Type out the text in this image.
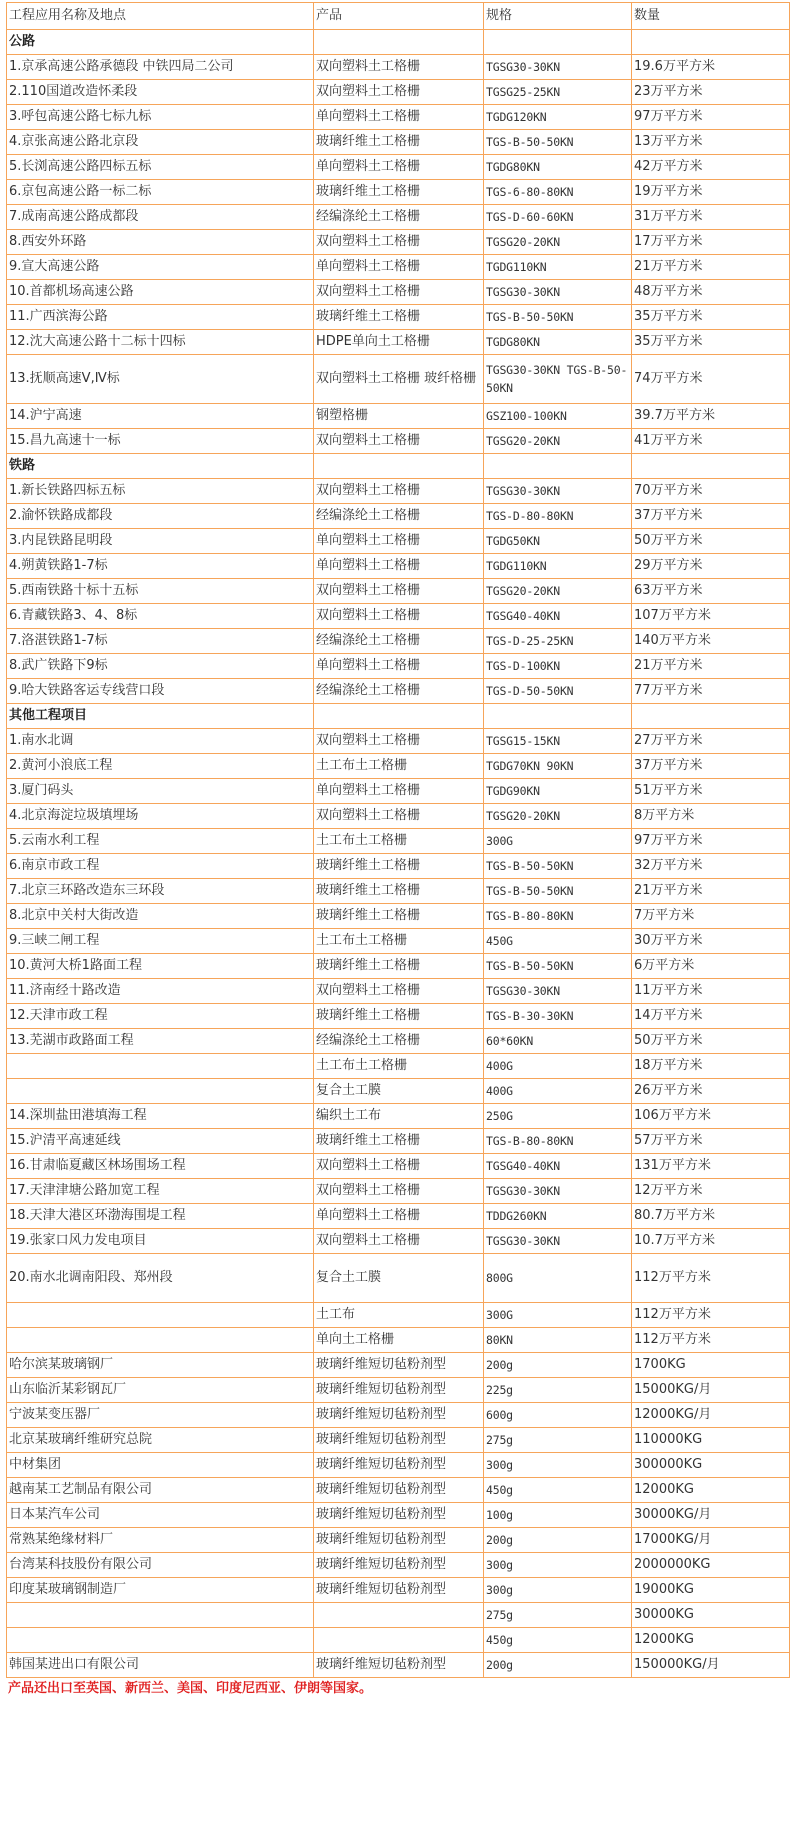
工程应用名称及地点	产品	规格	数量
公路			
1.京承高速公路承德段 中铁四局二公司	双向塑料土工格栅	TGSG30-30KN	19.6万平方米
2.110国道改造怀柔段	双向塑料土工格栅	TGSG25-25KN	23万平方米
3.呼包高速公路七标九标	单向塑料土工格栅	TGDG120KN	97万平方米
4.京张高速公路北京段	玻璃纤维土工格栅	TGS-B-50-50KN	13万平方米
5.长浏高速公路四标五标	单向塑料土工格栅	TGDG80KN	42万平方米
6.京包高速公路一标二标	玻璃纤维土工格栅	TGS-6-80-80KN	19万平方米
7.成南高速公路成都段	经编涤纶土工格栅	TGS-D-60-60KN	31万平方米
8.西安外环路	双向塑料土工格栅	TGSG20-20KN	17万平方米
9.宣大高速公路	单向塑料土工格栅	TGDG110KN	21万平方米
10.首都机场高速公路	双向塑料土工格栅	TGSG30-30KN	48万平方米
11.广西滨海公路	玻璃纤维土工格栅	TGS-B-50-50KN	35万平方米
12.沈大高速公路十二标十四标	HDPE单向土工格栅	TGDG80KN	35万平方米
13.抚顺高速Ⅴ,Ⅳ标	双向塑料土工格栅 玻纤格栅	TGSG30-30KN TGS-B-50-50KN	74万平方米
14.沪宁高速	钢塑格栅	GSZ100-100KN	39.7万平方米
15.昌九高速十一标	双向塑料土工格栅	TGSG20-20KN	41万平方米
铁路			
1.新长铁路四标五标	双向塑料土工格栅	TGSG30-30KN	70万平方米
2.渝怀铁路成都段	经编涤纶土工格栅	TGS-D-80-80KN	37万平方米
3.内昆铁路昆明段	单向塑料土工格栅	TGDG50KN	50万平方米
4.朔黄铁路1-7标	单向塑料土工格栅	TGDG110KN	29万平方米
5.西南铁路十标十五标	双向塑料土工格栅	TGSG20-20KN	63万平方米
6.青藏铁路3、4、8标	双向塑料土工格栅	TGSG40-40KN	107万平方米
7.洛湛铁路1-7标	经编涤纶土工格栅	TGS-D-25-25KN	140万平方米
8.武广铁路下9标	单向塑料土工格栅	TGS-D-100KN	21万平方米
9.哈大铁路客运专线营口段	经编涤纶土工格栅	TGS-D-50-50KN	77万平方米
其他工程项目			
1.南水北调	双向塑料土工格栅	TGSG15-15KN	27万平方米
2.黄河小浪底工程	土工布土工格栅	TGDG70KN 90KN	37万平方米
3.厦门码头	单向塑料土工格栅	TGDG90KN	51万平方米
4.北京海淀垃圾填埋场	双向塑料土工格栅	TGSG20-20KN	8万平方米
5.云南水利工程	土工布土工格栅	300G	97万平方米
6.南京市政工程	玻璃纤维土工格栅	TGS-B-50-50KN	32万平方米
7.北京三环路改造东三环段	玻璃纤维土工格栅	TGS-B-50-50KN	21万平方米
8.北京中关村大街改造	玻璃纤维土工格栅	TGS-B-80-80KN	7万平方米
9.三峡二闸工程	土工布土工格栅	450G	30万平方米
10.黄河大桥1路面工程	玻璃纤维土工格栅	TGS-B-50-50KN	6万平方米
11.济南经十路改造	双向塑料土工格栅	TGSG30-30KN	11万平方米
12.天津市政工程	玻璃纤维土工格栅	TGS-B-30-30KN	14万平方米
13.芜湖市政路面工程	经编涤纶土工格栅	60*60KN	50万平方米
	土工布土工格栅	400G	18万平方米
	复合土工膜	400G	26万平方米
14.深圳盐田港填海工程	编织土工布	250G	106万平方米
15.沪清平高速延线	玻璃纤维土工格栅	TGS-B-80-80KN	57万平方米
16.甘肃临夏藏区林场围场工程	双向塑料土工格栅	TGSG40-40KN	131万平方米
17.天津津塘公路加宽工程	双向塑料土工格栅	TGSG30-30KN	12万平方米
18.天津大港区环渤海围堤工程	单向塑料土工格栅	TDDG260KN	80.7万平方米
19.张家口风力发电项目	双向塑料土工格栅	TGSG30-30KN	10.7万平方米
20.南水北调南阳段、郑州段	复合土工膜	800G	112万平方米
	土工布	300G	112万平方米
	单向土工格栅	80KN	112万平方米
哈尔滨某玻璃钢厂	玻璃纤维短切毡粉剂型	200g	1700KG
山东临沂某彩钢瓦厂	玻璃纤维短切毡粉剂型	225g	15000KG/月
宁波某变压器厂	玻璃纤维短切毡粉剂型	600g	12000KG/月
北京某玻璃纤维研究总院	玻璃纤维短切毡粉剂型	275g	110000KG
中材集团	玻璃纤维短切毡粉剂型	300g	300000KG
越南某工艺制品有限公司	玻璃纤维短切毡粉剂型	450g	12000KG
日本某汽车公司	玻璃纤维短切毡粉剂型	100g	30000KG/月
常熟某绝缘材料厂	玻璃纤维短切毡粉剂型	200g	17000KG/月
台湾某科技股份有限公司	玻璃纤维短切毡粉剂型	300g	2000000KG
印度某玻璃钢制造厂	玻璃纤维短切毡粉剂型	300g	19000KG
		275g	30000KG
		450g	12000KG
韩国某进出口有限公司	玻璃纤维短切毡粉剂型	200g	150000KG/月
产品还出口至英国、新西兰、美国、印度尼西亚、伊朗等国家。
